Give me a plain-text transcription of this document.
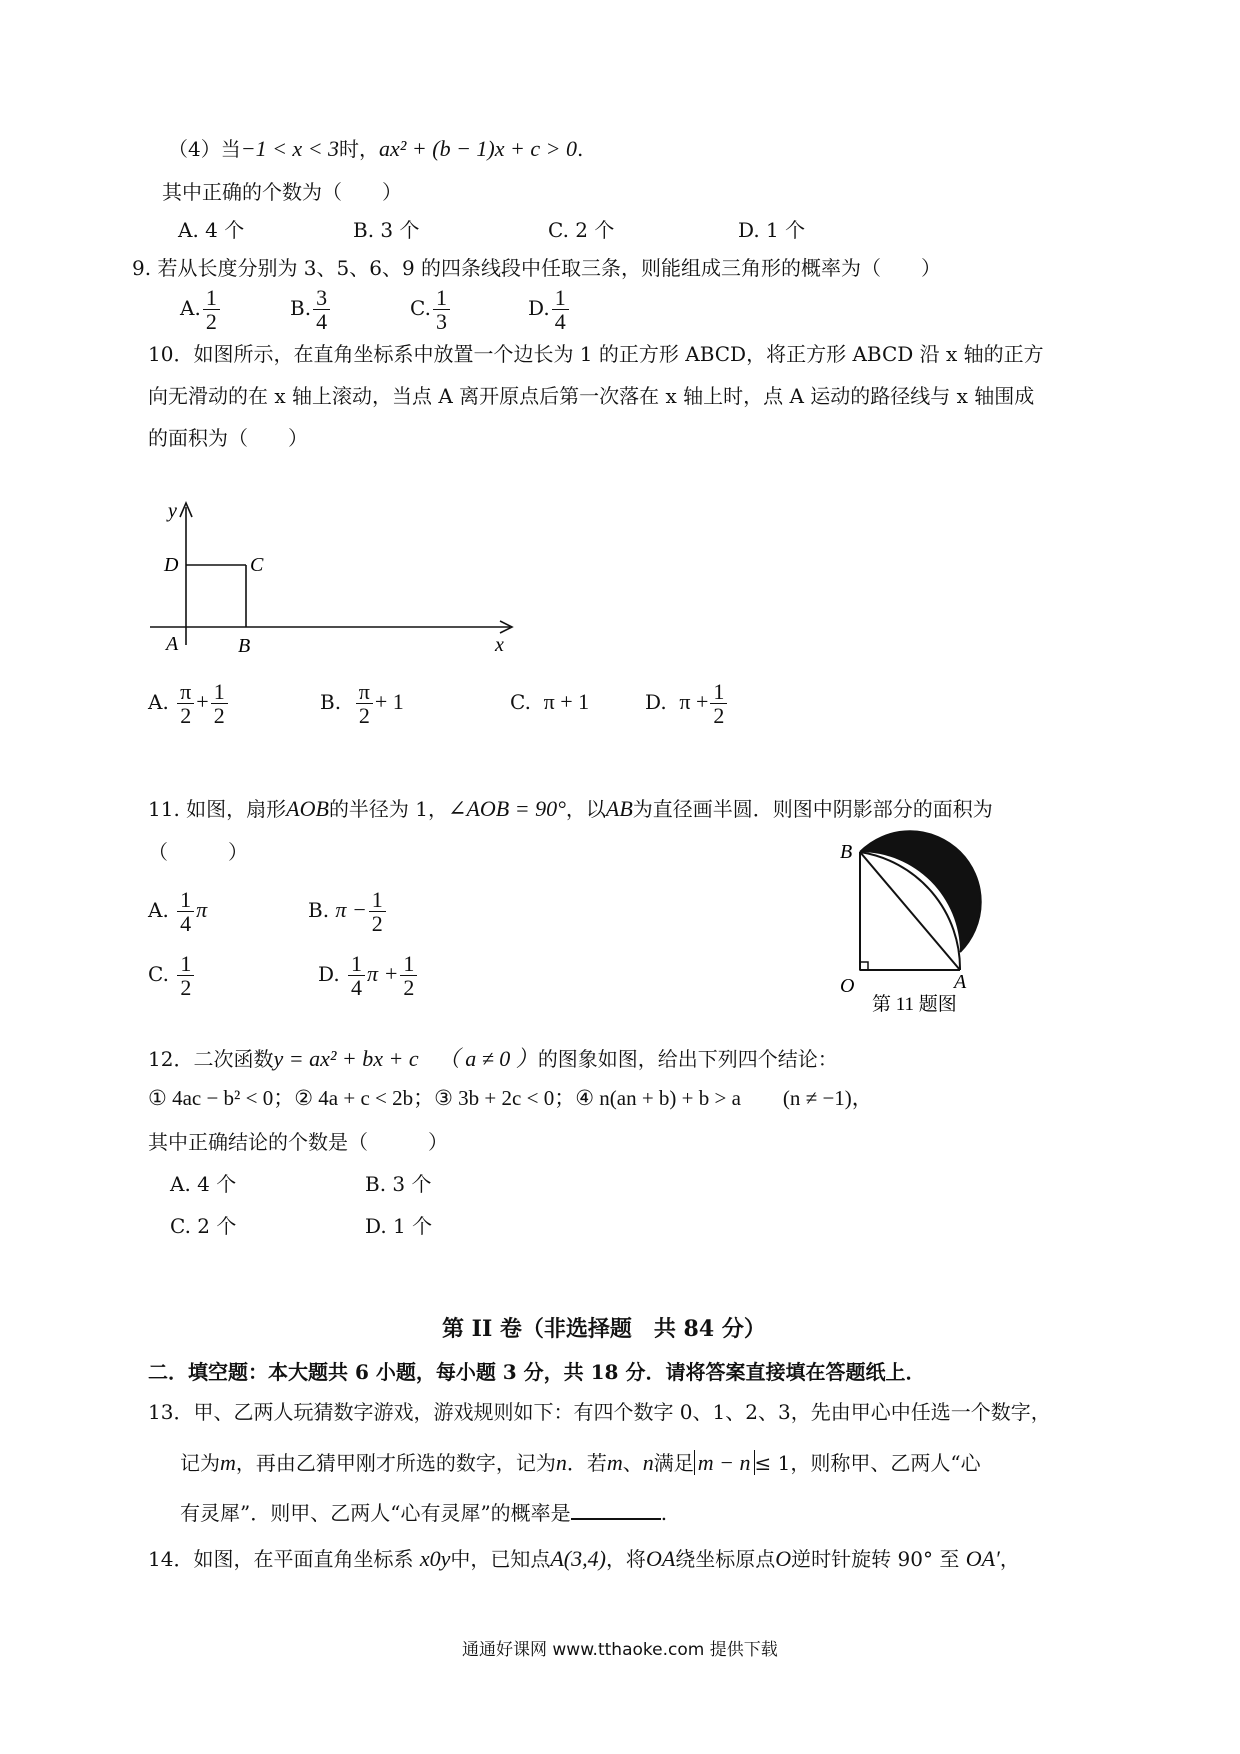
（4）当−1 < x < 3时，ax² + (b − 1)x + c > 0.
其中正确的个数为（　　）
A. 4 个	B. 3 个	C. 2 个	D. 1 个
9. 若从长度分别为 3、5、6、9 的四条线段中任取三条，则能组成三角形的概率为（　　）
A. $\frac{1}{2}$	B. $\frac{3}{4}$	C. $\frac{1}{3}$	D. $\frac{1}{4}$
10．如图所示，在直角坐标系中放置一个边长为 1 的正方形 ABCD，将正方形 ABCD 沿 x 轴的正方
向无滑动的在 x 轴上滚动，当点 A 离开原点后第一次落在 x 轴上时，点 A 运动的路径线与 x 轴围成
的面积为（　　）
y
x
D	C
A	B
A. $\frac{\pi}{2} + \frac{1}{2}$	B. $\frac{\pi}{2} + 1$	C. π + 1	D. $\pi + \frac{1}{2}$
11. 如图，扇形AOB的半径为 1，∠AOB = 90°，以AB为直径画半圆．则图中阴影部分的面积为
（　　　）
A. $\frac{1}{4}$ π	B. $\pi - \frac{1}{2}$
C. $\frac{1}{2}$	D. $\frac{1}{4}$ $\pi + \frac{1}{2}$
B
O	A
第 11 题图
12．二次函数y = ax² + bx + c （ a ≠ 0 ）的图象如图，给出下列四个结论：
① 4ac − b² < 0；② 4a + c < 2b；③ 3b + 2c < 0；④ n(an + b) + b > a　　(n ≠ −1)，
其中正确结论的个数是（　　　）
A. 4 个	B. 3 个
C. 2 个	D. 1 个
第 II 卷（非选择题　共 84 分）
二．填空题：本大题共 6 小题，每小题 3 分，共 18 分．请将答案直接填在答题纸上．
13．甲、乙两人玩猜数字游戏，游戏规则如下：有四个数字 0、1、2、3，先由甲心中任选一个数字，
记为m，再由乙猜甲刚才所选的数字，记为n．若m、n满足 m − n ≤ 1，则称甲、乙两人“心
有灵犀”．则甲、乙两人“心有灵犀”的概率是	.
14．如图，在平面直角坐标系 x0y中，已知点A(3,4)，将OA绕坐标原点O逆时针旋转 90° 至 OA′，
通通好课网 www.tthaoke.com 提供下载
